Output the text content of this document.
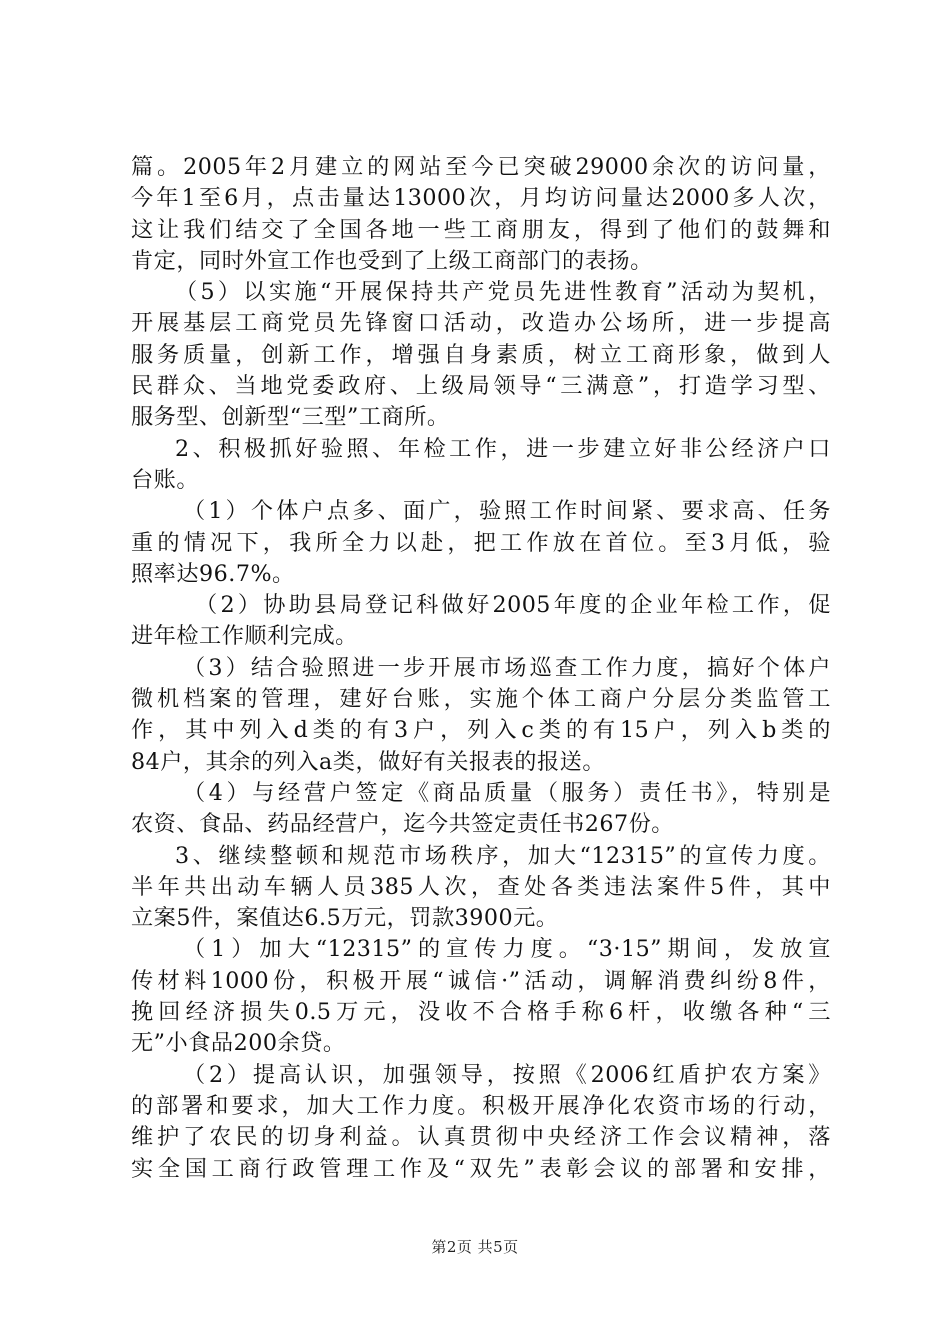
篇。2005年2月建立的网站至今已突破29000余次的访问量，
今年1至6月，点击量达13000次，月均访问量达2000多人次，
这让我们结交了全国各地一些工商朋友，得到了他们的鼓舞和
肯定，同时外宣工作也受到了上级工商部门的表扬。
（5）以实施“开展保持共产党员先进性教育”活动为契机，
开展基层工商党员先锋窗口活动，改造办公场所，进一步提高
服务质量，创新工作，增强自身素质，树立工商形象，做到人
民群众、当地党委政府、上级局领导“三满意”，打造学习型、
服务型、创新型“三型”工商所。
2、积极抓好验照、年检工作，进一步建立好非公经济户口
台账。
（1）个体户点多、面广，验照工作时间紧、要求高、任务
重的情况下，我所全力以赴，把工作放在首位。至3月低，验
照率达96.7%。
（2）协助县局登记科做好2005年度的企业年检工作，促
进年检工作顺利完成。
（3）结合验照进一步开展市场巡查工作力度，搞好个体户
微机档案的管理，建好台账，实施个体工商户分层分类监管工
作，其中列入d类的有3户，列入c类的有15户，列入b类的
84户，其余的列入a类，做好有关报表的报送。
（4）与经营户签定《商品质量（服务）责任书》，特别是
农资、食品、药品经营户，迄今共签定责任书267份。
3、继续整顿和规范市场秩序，加大“12315”的宣传力度。
半年共出动车辆人员385人次，查处各类违法案件5件，其中
立案5件，案值达6.5万元，罚款3900元。
（1）加大“12315”的宣传力度。“3·15”期间，发放宣
传材料1000份，积极开展“诚信·”活动，调解消费纠纷8件，
挽回经济损失0.5万元，没收不合格手称6杆，收缴各种“三
无”小食品200余贷。
（2）提高认识，加强领导，按照《2006红盾护农方案》
的部署和要求，加大工作力度。积极开展净化农资市场的行动，
维护了农民的切身利益。认真贯彻中央经济工作会议精神，落
实全国工商行政管理工作及“双先”表彰会议的部署和安排，
第2页 共5页
